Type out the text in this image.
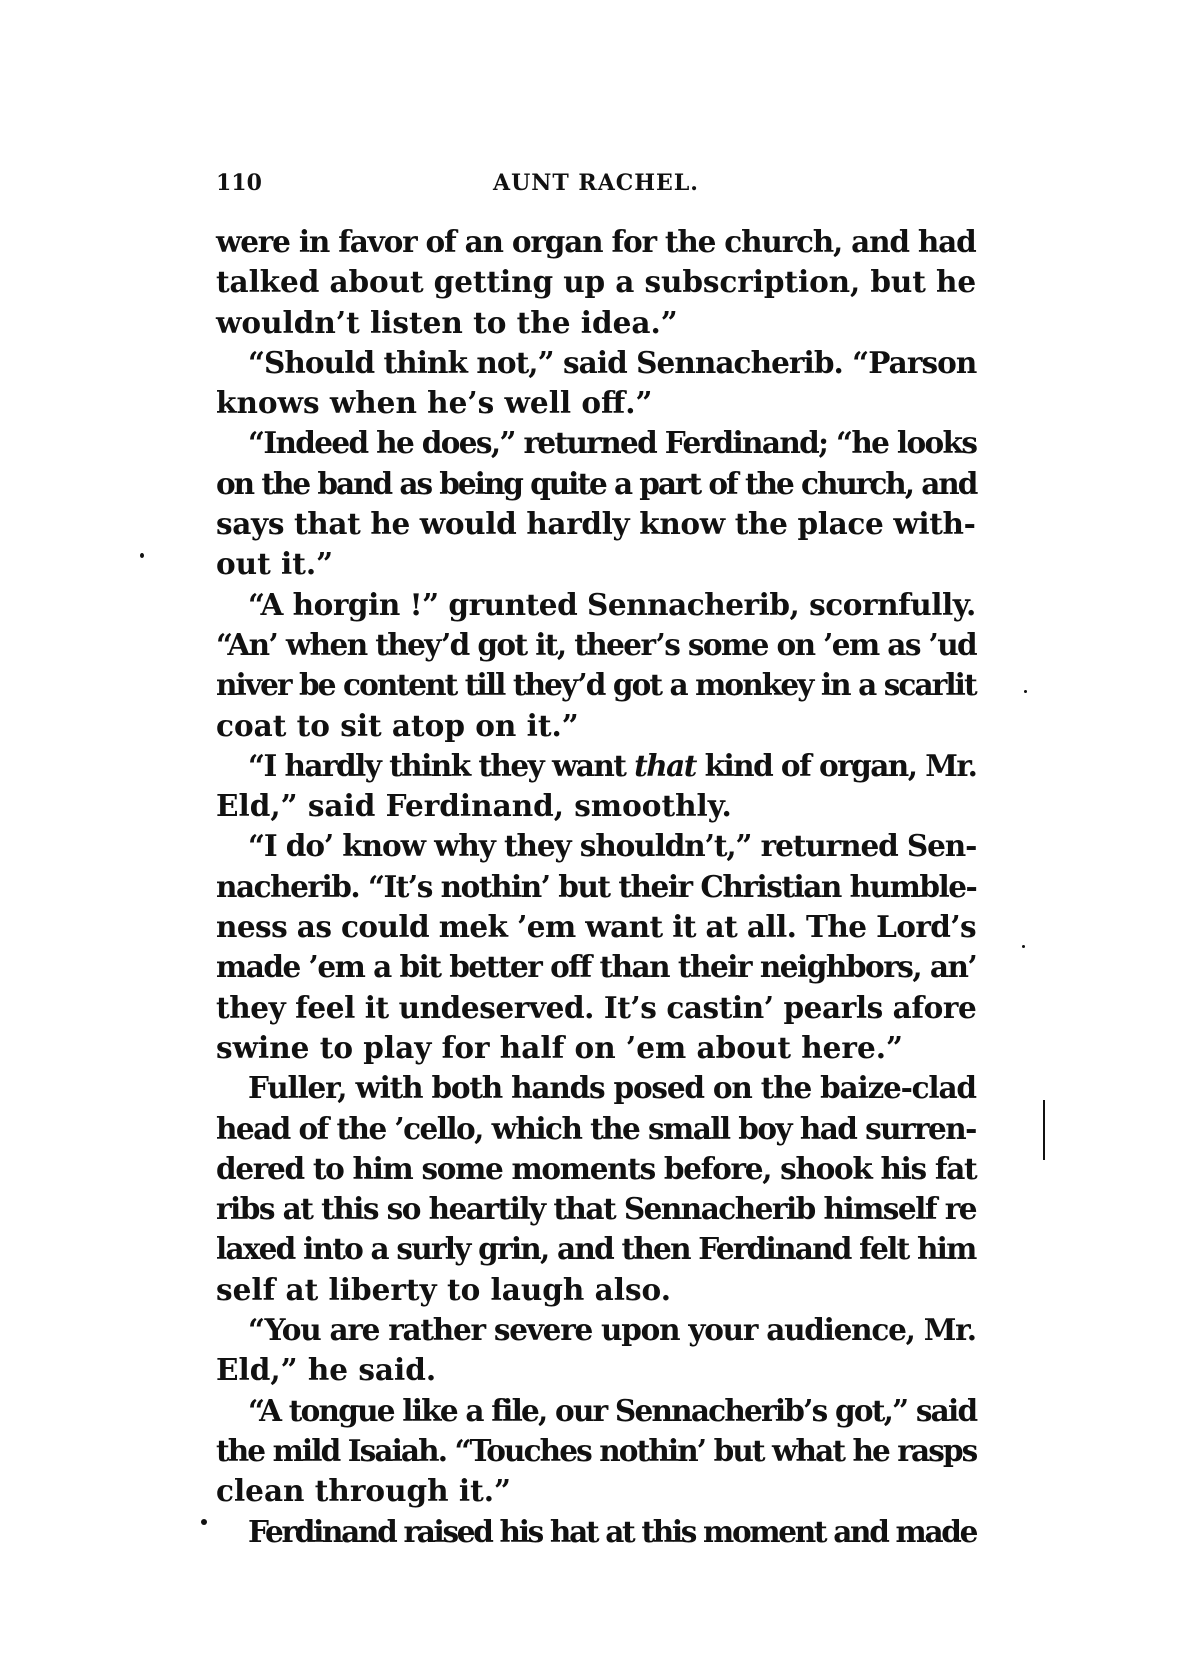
110	AUNT RACHEL.
were in favor of an organ for the church, and had
talked about getting up a subscription, but he
wouldn’t listen to the idea.”
“Should think not,” said Sennacherib. “Parson
knows when he’s well off.”
“Indeed he does,” returned Ferdinand; “he looks
on the band as being quite a part of the church, and
says that he would hardly know the place with-
out it.”
“A horgin !” grunted Sennacherib, scornfully.
“An’ when they’d got it, theer’s some on ’em as ’ud
niver be content till they’d got a monkey in a scarlit
coat to sit atop on it.”
“I hardly think they want that kind of organ, Mr.
Eld,” said Ferdinand, smoothly.
“I do’ know why they shouldn’t,” returned Sen-
nacherib. “It’s nothin’ but their Christian humble-
ness as could mek ’em want it at all. The Lord’s
made ’em a bit better off than their neighbors, an’
they feel it undeserved. It’s castin’ pearls afore
swine to play for half on ’em about here.”
Fuller, with both hands posed on the baize-clad
head of the ’cello, which the small boy had surren-
dered to him some moments before, shook his fat
ribs at this so heartily that Sennacherib himself re
laxed into a surly grin, and then Ferdinand felt him
self at liberty to laugh also.
“You are rather severe upon your audience, Mr.
Eld,” he said.
“A tongue like a file, our Sennacherib’s got,” said
the mild Isaiah. “Touches nothin’ but what he rasps
clean through it.”
Ferdinand raised his hat at this moment and made
